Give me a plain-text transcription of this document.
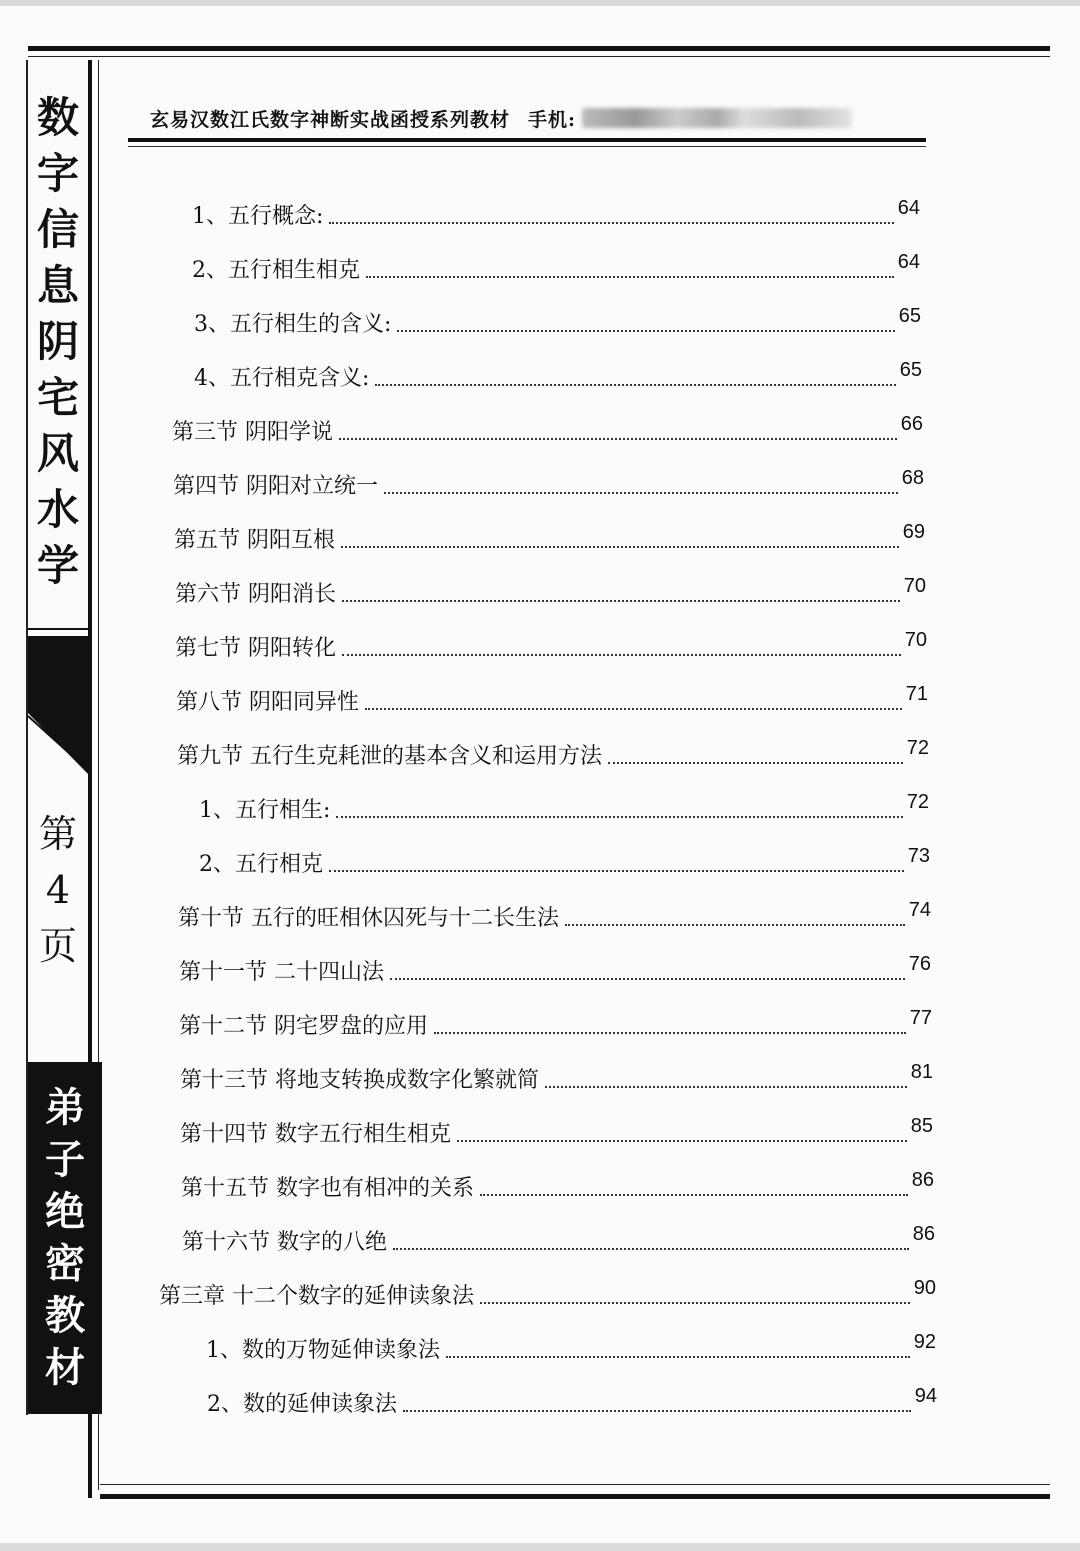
数
字
信
息
阴
宅
风
水
学
第
4
页
弟
子
绝
密
教
材
玄易汉数江氏数字神断实战函授系列教材 手机:
1、五行概念:	64
2、五行相生相克	64
3、五行相生的含义:	65
4、五行相克含义:	65
第三节 阴阳学说	66
第四节 阴阳对立统一	68
第五节 阴阳互根	69
第六节 阴阳消长	70
第七节 阴阳转化	70
第八节 阴阳同异性	71
第九节 五行生克耗泄的基本含义和运用方法	72
1、五行相生:	72
2、五行相克	73
第十节 五行的旺相休囚死与十二长生法	74
第十一节 二十四山法	76
第十二节 阴宅罗盘的应用	77
第十三节 将地支转换成数字化繁就简	81
第十四节 数字五行相生相克	85
第十五节 数字也有相冲的关系	86
第十六节 数字的八绝	86
第三章 十二个数字的延伸读象法	90
1、数的万物延伸读象法	92
2、数的延伸读象法	94
